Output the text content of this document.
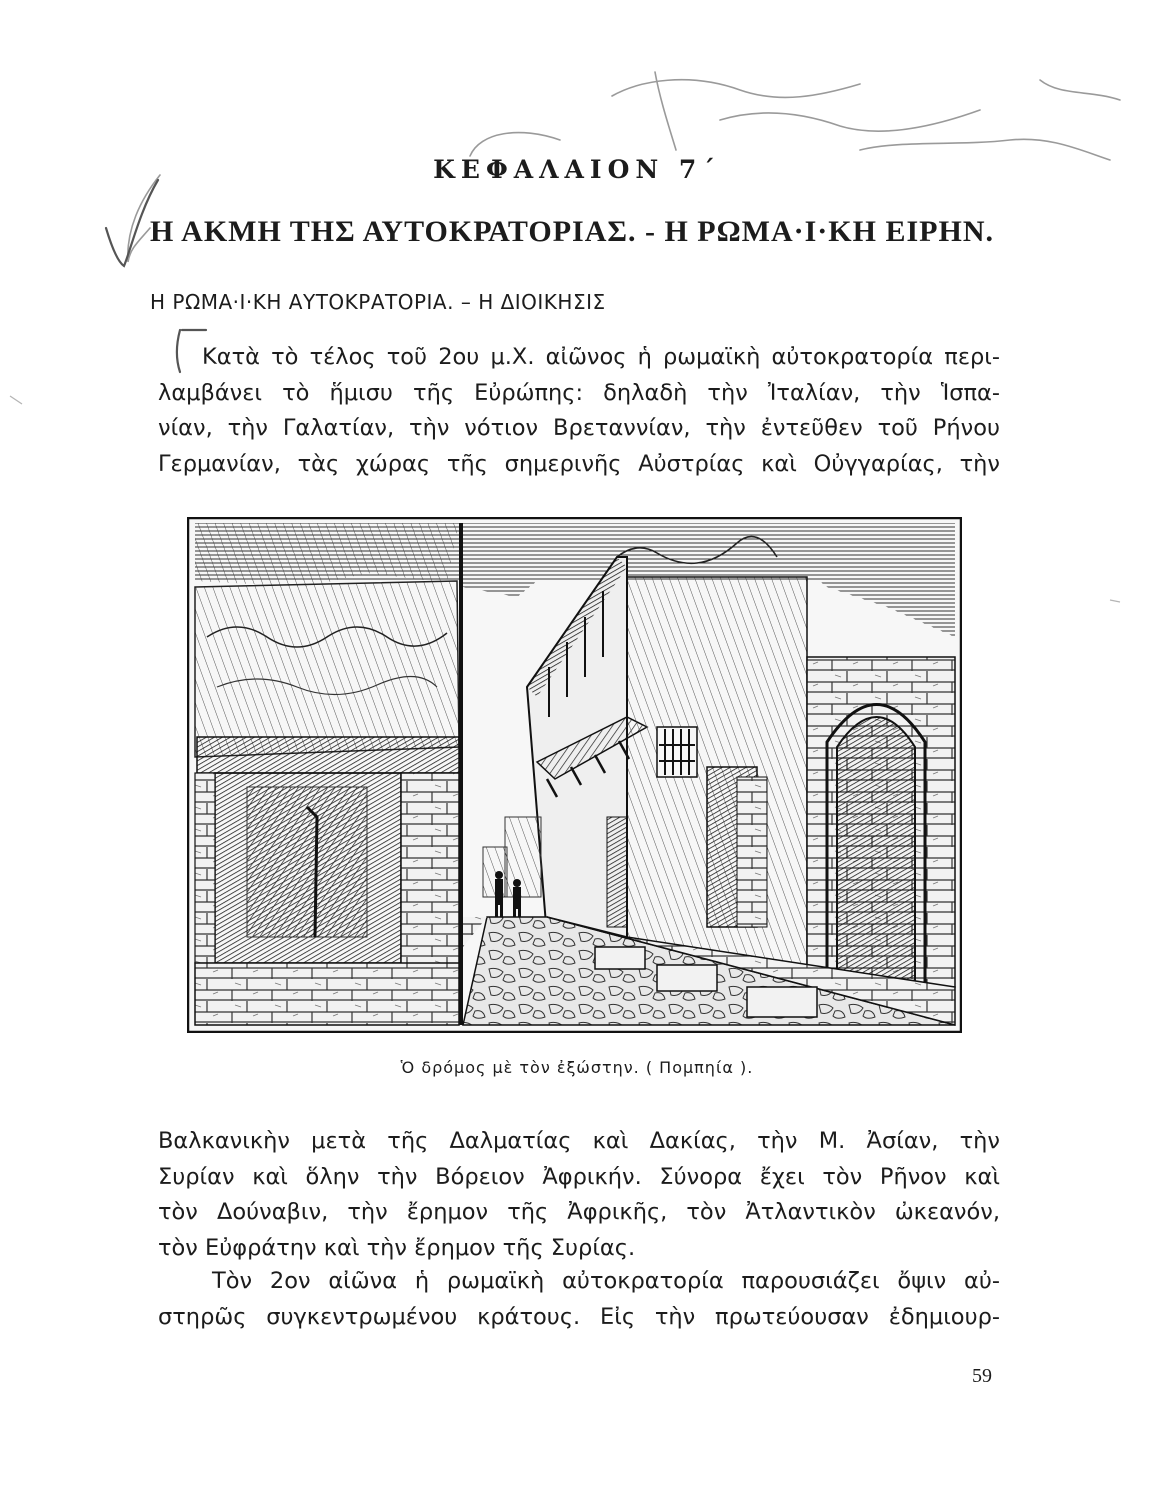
ΚΕΦΑΛΑΙΟΝ 7΄
Η ΑΚΜΗ ΤΗΣ ΑΥΤΟΚΡΑΤΟΡΙΑΣ. - Η ΡΩΜΑ·Ι·ΚΗ ΕΙΡΗΝ.
Η ΡΩΜΑ·Ι·ΚΗ ΑΥΤΟΚΡΑΤΟΡΙΑ. – Η ΔΙΟΙΚΗΣΙΣ
Κατὰ τὸ τέλος τοῦ 2ου μ.Χ. αἰῶνος ἡ ρωμαϊκὴ αὐτοκρατορία περι-
λαμβάνει τὸ ἥμισυ τῆς Εὐρώπης: δηλαδὴ τὴν Ἰταλίαν, τὴν Ἱσπα-
νίαν, τὴν Γαλατίαν, τὴν νότιον Βρεταννίαν, τὴν ἐντεῦθεν τοῦ Ρήνου
Γερμανίαν, τὰς χώρας τῆς σημερινῆς Αὐστρίας καὶ Οὐγγαρίας, τὴν
Ὁ δρόμος μὲ τὸν ἐξώστην. ( Πομπηία ).
Βαλκανικὴν μετὰ τῆς Δαλματίας καὶ Δακίας, τὴν Μ. Ἀσίαν, τὴν
Συρίαν καὶ ὅλην τὴν Βόρειον Ἀφρικήν. Σύνορα ἔχει τὸν Ρῆνον καὶ
τὸν Δούναβιν, τὴν ἔρημον τῆς Ἀφρικῆς, τὸν Ἀτλαντικὸν ὠκεανόν,
τὸν Εὐφράτην καὶ τὴν ἔρημον τῆς Συρίας.
Τὸν 2ον αἰῶνα ἡ ρωμαϊκὴ αὐτοκρατορία παρουσιάζει ὄψιν αὐ-
στηρῶς συγκεντρωμένου κράτους. Εἰς τὴν πρωτεύουσαν ἐδημιουρ-
59
